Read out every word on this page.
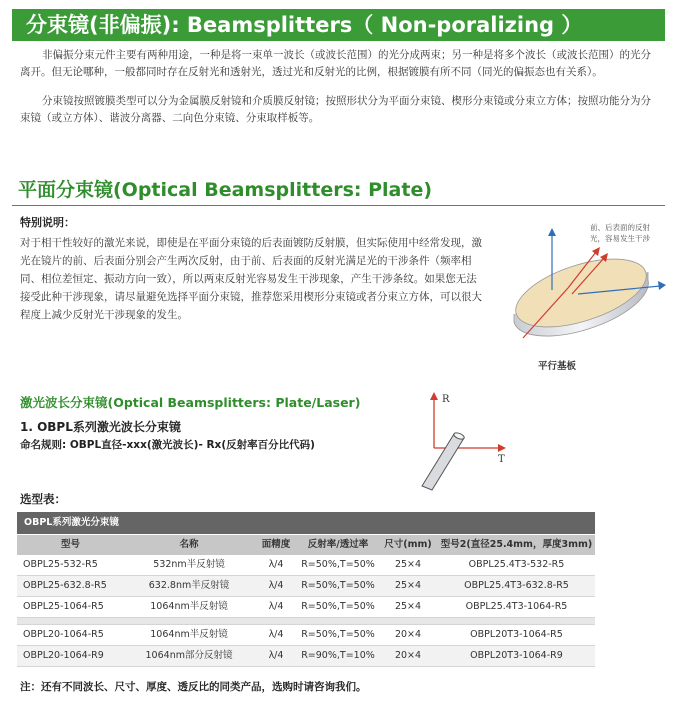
分束镜(非偏振): Beamsplitters（ Non-poralizing ）

非偏振分束元件主要有两种用途，一种是将一束单一波长（或波长范围）的光分成两束；另一种是将多个波长（或波长范围）的光分离开。但无论哪种，一般都同时存在反射光和透射光，透过光和反射光的比例，根据镀膜有所不同（同光的偏振态也有关系）。

分束镜按照镀膜类型可以分为金属膜反射镜和介质膜反射镜；按照形状分为平面分束镜、楔形分束镜或分束立方体；按照功能分为分束镜（或立方体）、谐波分离器、二向色分束镜、分束取样板等。

平面分束镜(Optical Beamsplitters: Plate)
特别说明：

对于相干性较好的激光来说，即使是在平面分束镜的后表面镀防反射膜，但实际使用中经常发现，激光在镜片的前、后表面分别会产生两次反射，由于前、后表面的反射光满足光的干涉条件（频率相同、相位差恒定、振动方向一致），所以两束反射光容易发生干涉现象，产生干涉条纹。如果您无法接受此种干涉现象，请尽量避免选择平面分束镜，推荐您采用楔形分束镜或者分束立方体，可以很大程度上减少反射光干涉现象的发生。

前、后表面的反射 光，容易发生干涉
平行基板
激光波长分束镜(Optical Beamsplitters: Plate/Laser)
1. OBPL系列激光波长分束镜
命名规则: OBPL直径-xxx(激光波长)- Rx(反射率百分比代码)
R
T
选型表：
OBPL系列激光分束镜
型号	名称	面精度	反射率/透过率	尺寸(mm) 型号2(直径25.4mm，厚度3mm)
OBPL25-532-R5	532nm半反射镜	λ/4	R=50%,T=50%	25×4	OBPL25.4T3-532-R5
OBPL25-632.8-R5	632.8nm半反射镜	λ/4	R=50%,T=50%	25×4	OBPL25.4T3-632.8-R5
OBPL25-1064-R5	1064nm半反射镜	λ/4	R=50%,T=50%	25×4	OBPL25.4T3-1064-R5
OBPL20-1064-R5	1064nm半反射镜	λ/4	R=50%,T=50%	20×4	OBPL20T3-1064-R5
OBPL20-1064-R9	1064nm部分反射镜	λ/4	R=90%,T=10%	20×4	OBPL20T3-1064-R9
注：还有不同波长、尺寸、厚度、透反比的同类产品，选购时请咨询我们。
